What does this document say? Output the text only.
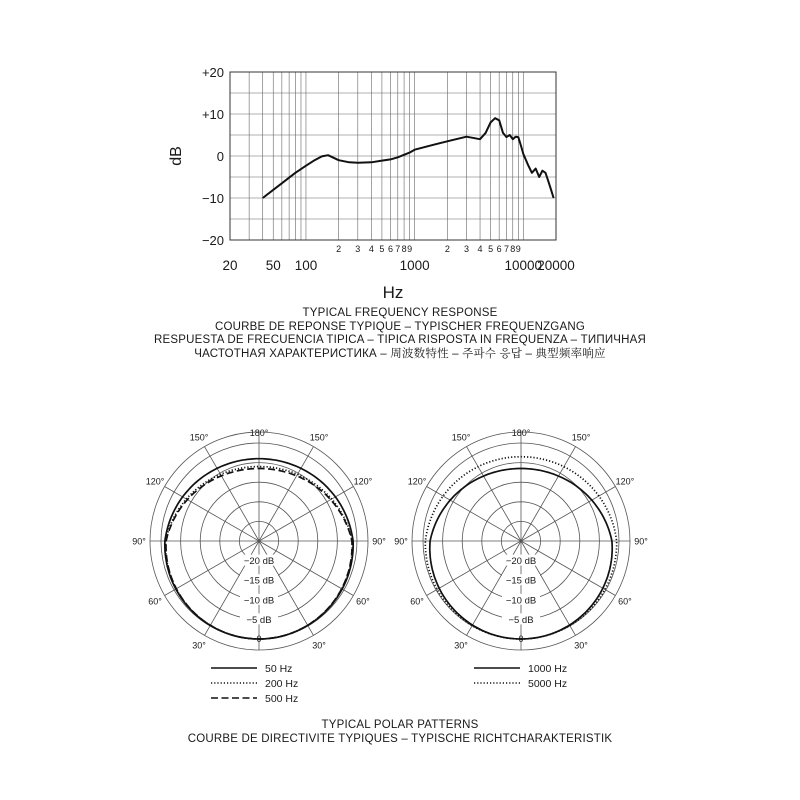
+20
+10
0
−10
−20
dB
20 50 100	1000	10000
20000
2 3 4 5 6 7 8 9	2 3 4 5 6 7 8 9
Hz
180°
0
150°	150°
120°	120°
90°	90°
60°	60°
30°	30°
−20 dB
−15 dB
−10 dB
−5 dB
50 Hz
200 Hz
500 Hz
180°
0
150°	150°
120°	120°
90°	90°
60°	60°
30°	30°
−20 dB
−15 dB
−10 dB
−5 dB
1000 Hz
5000 Hz
TYPICAL FREQUENCY RESPONSE
COURBE DE REPONSE TYPIQUE – TYPISCHER FREQUENZGANG
RESPUESTA DE FRECUENCIA TIPICA – TIPICA RISPOSTA IN FREQUENZA – ТИПИЧНАЯ
ЧАСТОТНАЯ ХАРАКТЕРИСТИКА – 周波数特性 – 주파수 응답 – 典型频率响应
TYPICAL POLAR PATTERNS
COURBE DE DIRECTIVITE TYPIQUES – TYPISCHE RICHTCHARAKTERISTIK
